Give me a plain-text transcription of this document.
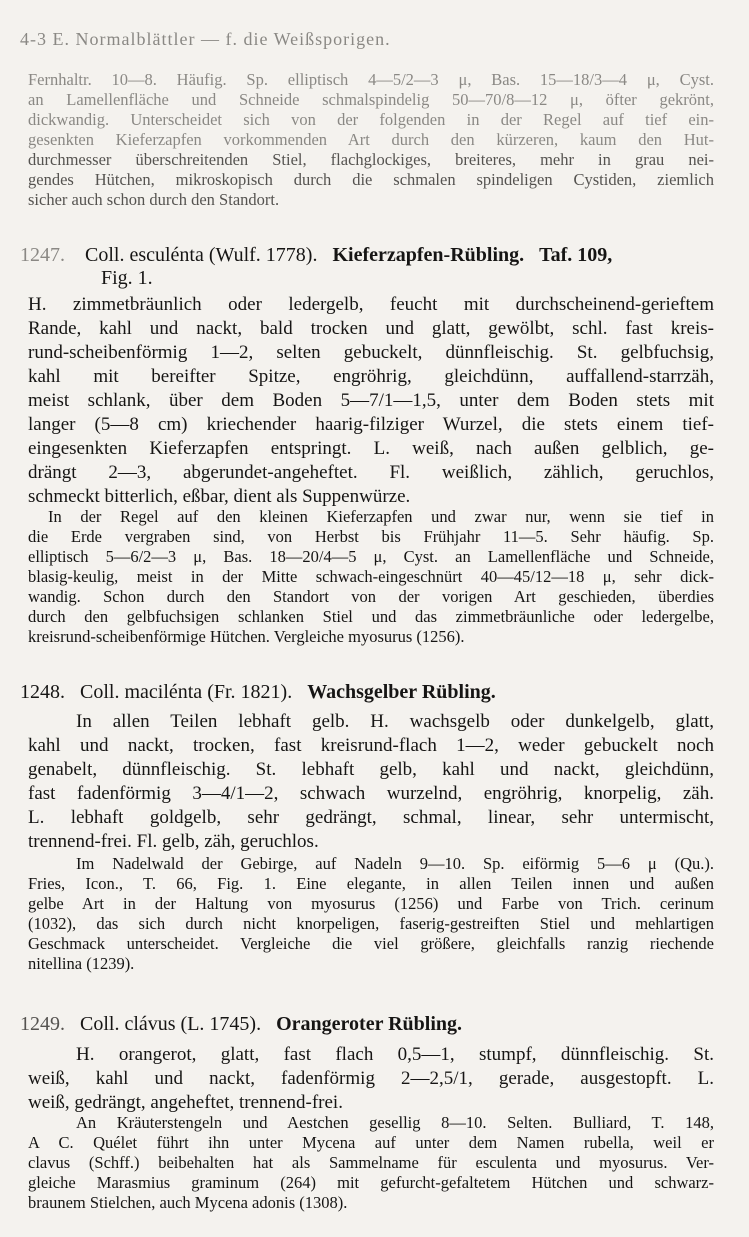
4-3 E. Normalblättler — f. die Weißsporigen.
Fernhaltr. 10—8. Häufig. Sp. elliptisch 4—5/2—3 μ, Bas. 15—18/3—4 μ, Cyst.
an Lamellenfläche und Schneide schmalspindelig 50—70/8—12 μ, öfter gekrönt,
dickwandig. Unterscheidet sich von der folgenden in der Regel auf tief ein-
gesenkten Kieferzapfen vorkommenden Art durch den kürzeren, kaum den Hut-
durchmesser überschreitenden Stiel, flachglockiges, breiteres, mehr in grau nei-
gendes Hütchen, mikroskopisch durch die schmalen spindeligen Cystiden, ziemlich
sicher auch schon durch den Standort.
1247. Coll. esculénta (Wulf. 1778). Kieferzapfen-Rübling. Taf. 109,
Fig. 1.
H. zimmetbräunlich oder ledergelb, feucht mit durchscheinend-gerieftem
Rande, kahl und nackt, bald trocken und glatt, gewölbt, schl. fast kreis-
rund-scheibenförmig 1—2, selten gebuckelt, dünnfleischig. St. gelbfuchsig,
kahl mit bereifter Spitze, engröhrig, gleichdünn, auffallend-starrzäh,
meist schlank, über dem Boden 5—7/1—1,5, unter dem Boden stets mit
langer (5—8 cm) kriechender haarig-filziger Wurzel, die stets einem tief-
eingesenkten Kieferzapfen entspringt. L. weiß, nach außen gelblich, ge-
drängt 2—3, abgerundet-angeheftet. Fl. weißlich, zählich, geruchlos,
schmeckt bitterlich, eßbar, dient als Suppenwürze.
In der Regel auf den kleinen Kieferzapfen und zwar nur, wenn sie tief in
die Erde vergraben sind, von Herbst bis Frühjahr 11—5. Sehr häufig. Sp.
elliptisch 5—6/2—3 μ, Bas. 18—20/4—5 μ, Cyst. an Lamellenfläche und Schneide,
blasig-keulig, meist in der Mitte schwach-eingeschnürt 40—45/12—18 μ, sehr dick-
wandig. Schon durch den Standort von der vorigen Art geschieden, überdies
durch den gelbfuchsigen schlanken Stiel und das zimmetbräunliche oder ledergelbe,
kreisrund-scheibenförmige Hütchen. Vergleiche myosurus (1256).
1248. Coll. maciléntа (Fr. 1821). Wachsgelber Rübling.
In allen Teilen lebhaft gelb. H. wachsgelb oder dunkelgelb, glatt,
kahl und nackt, trocken, fast kreisrund-flach 1—2, weder gebuckelt noch
genabelt, dünnfleischig. St. lebhaft gelb, kahl und nackt, gleichdünn,
fast fadenförmig 3—4/1—2, schwach wurzelnd, engröhrig, knorpelig, zäh.
L. lebhaft goldgelb, sehr gedrängt, schmal, linear, sehr untermischt,
trennend-frei. Fl. gelb, zäh, geruchlos.
Im Nadelwald der Gebirge, auf Nadeln 9—10. Sp. eiförmig 5—6 μ (Qu.).
Fries, Icon., T. 66, Fig. 1. Eine elegante, in allen Teilen innen und außen
gelbe Art in der Haltung von myosurus (1256) und Farbe von Trich. cerinum
(1032), das sich durch nicht knorpeligen, faserig-gestreiften Stiel und mehlartigen
Geschmack unterscheidet. Vergleiche die viel größere, gleichfalls ranzig riechende
nitellina (1239).
1249. Coll. clávus (L. 1745). Orangeroter Rübling.
H. orangerot, glatt, fast flach 0,5—1, stumpf, dünnfleischig. St.
weiß, kahl und nackt, fadenförmig 2—2,5/1, gerade, ausgestopft. L.
weiß, gedrängt, angeheftet, trennend-frei.
An Kräuterstengeln und Aestchen gesellig 8—10. Selten. Bulliard, T. 148,
A C. Quélet führt ihn unter Mycena auf unter dem Namen rubella, weil er
clavus (Schff.) beibehalten hat als Sammelname für esculenta und myosurus. Ver-
gleiche Marasmius graminum (264) mit gefurcht-gefaltetem Hütchen und schwarz-
braunem Stielchen, auch Mycena adonis (1308).
